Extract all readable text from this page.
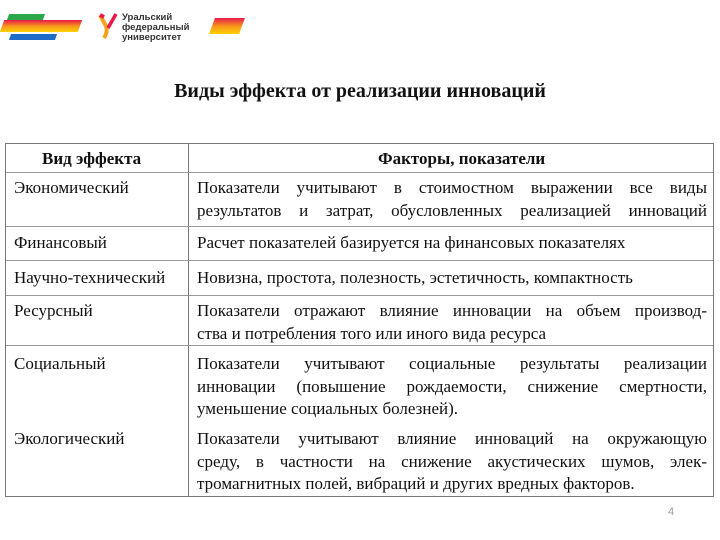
Уральский
федеральный
университет
Виды эффекта от реализации инноваций
Вид эффекта	Факторы, показатели
Экономический	Показатели учитывают в стоимостном выражении все виды
результатов и затрат, обусловленных реализацией инноваций
Финансовый	Расчет показателей базируется на финансовых показателях
Научно-технический Новизна, простота, полезность, эстетичность, компактность
Ресурсный	Показатели отражают влияние инновации на объем производ-
ства и потребления того или иного вида ресурса
Социальный	Показатели учитывают социальные результаты реализации
инновации (повышение рождаемости, снижение смертности,
уменьшение социальных болезней).
Экологический	Показатели учитывают влияние инноваций на окружающую
среду, в частности на снижение акустических шумов, элек-
тромагнитных полей, вибраций и других вредных факторов.
4
